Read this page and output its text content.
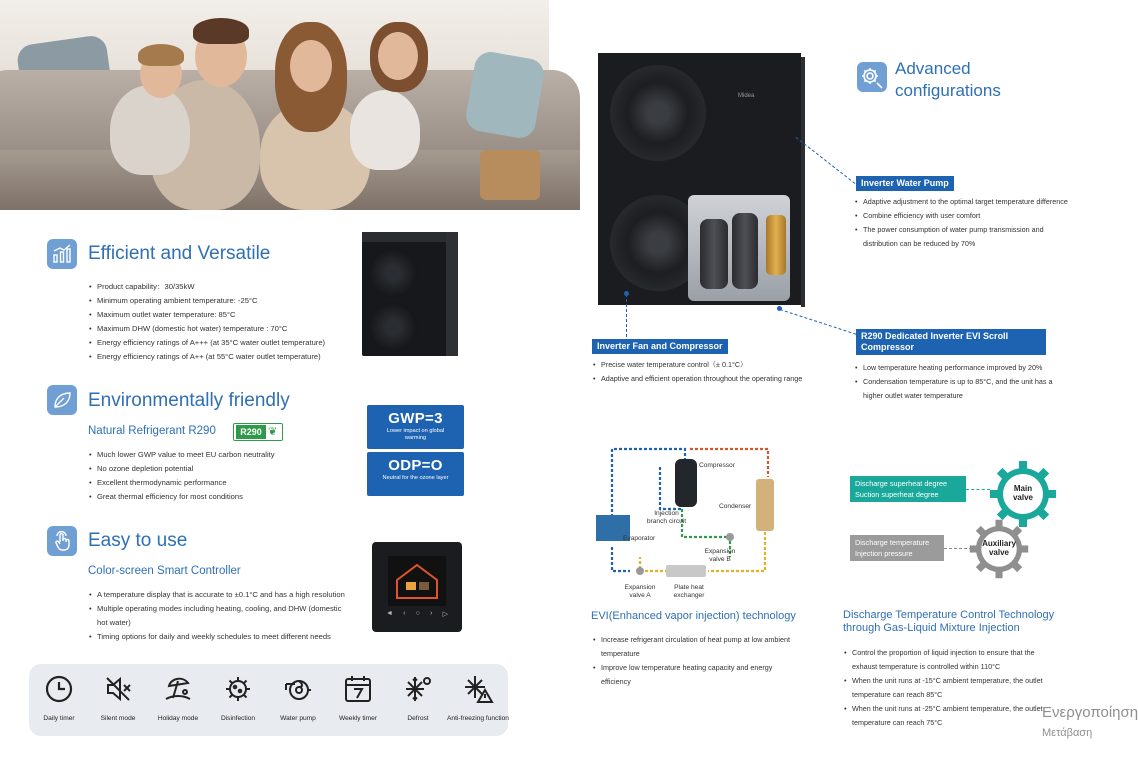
Efficient and Versatile
• Product capability：30/35kW
• Minimum operating ambient temperature: -25°C
• Maximum outlet water temperature: 85°C
• Maximum DHW (domestic hot water) temperature : 70°C
• Energy efficiency ratings of A+++ (at 35°C water outlet temperature)
• Energy efficiency ratings of A++ (at 55°C water outlet temperature)
Environmentally friendly
Natural Refrigerant R290	R290 ❦
• Much lower GWP value to meet EU carbon neutrality
• No ozone depletion potential
• Excellent thermodynamic performance
• Great thermal efficiency for most conditions
GWP=3
Lower impact on global warming
ODP=O
Neutral for the ozone layer
Easy to use
Color-screen Smart Controller
• A temperature display that is accurate to ±0.1°C and has a high resolution
• Multiple operating modes including heating, cooling, and DHW (domestic hot water)
• Timing options for daily and weekly schedules to meet different needs
◄ ‹ ○ › ▷
Daily timer	Silent mode	Holiday mode	Disinfection	Water pump	Weekly timer	Defrost	Anti-freezing function
Midea
Advanced
configurations
Inverter Water Pump
• Adaptive adjustment to the optimal target temperature difference
• Combine efficiency with user comfort
• The power consumption of water pump transmission and distribution can be reduced by 70%
Inverter Fan and Compressor
• Precise water temperature control（± 0.1°C）
• Adaptive and efficient operation throughout the operating range
R290 Dedicated Inverter EVI Scroll
Compressor
• Low temperature heating performance improved by 20%
• Condensation temperature is up to 85°C, and the unit has a higher outlet water temperature
Compressor
Injection branch circuit
Condenser
Evaporator
Expansion valve B
Expansion valve A
Plate heat exchanger
EVI(Enhanced vapor injection) technology
• Increase refrigerant circulation of heat pump at low ambient temperature
• Improve low temperature heating capacity and energy efficiency
Discharge superheat degree
Suction superheat degree
Main valve
Discharge temperature
Injection pressure
Auxiliary valve
Discharge Temperature Control Technology
through Gas-Liquid Mixture Injection
• Control the proportion of liquid injection to ensure that the exhaust temperature is controlled within 110°C
• When the unit runs at -15°C ambient temperature, the outlet temperature can reach 85°C
• When the unit runs at -25°C ambient temperature, the outlet temperature can reach 75°C
Ενεργοποίηση
Μετάβαση
